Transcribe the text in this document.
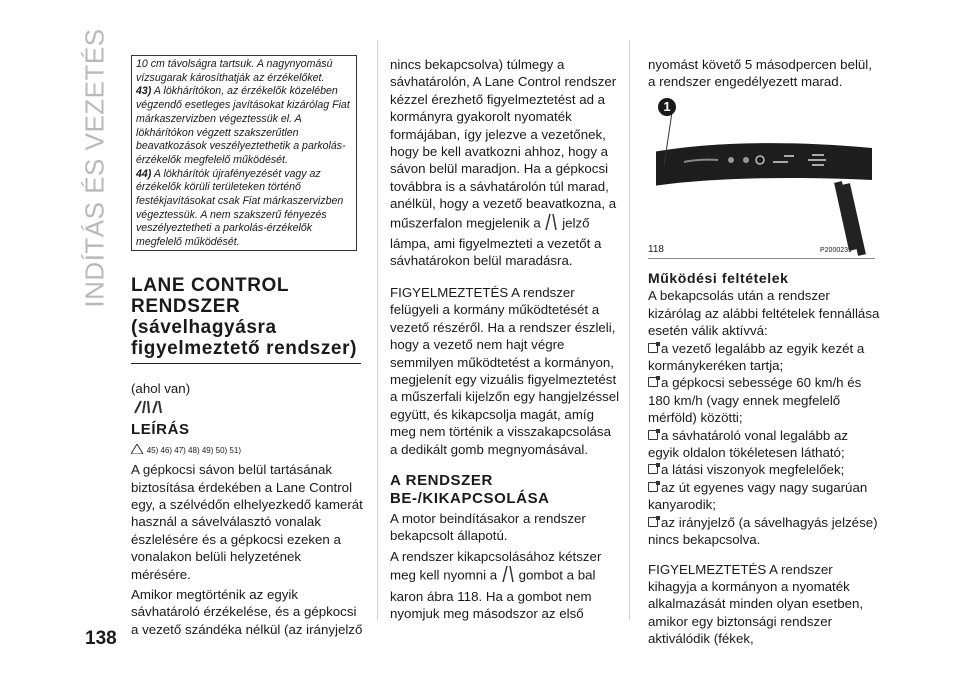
INDÍTÁS ÉS VEZETÉS
138

10 cm távolságra tartsuk. A nagynyomású vízsugarak károsíthatják az érzékelőket.

43) A lökhárítókon, az érzékelők közelében végzendő esetleges javításokat kizárólag Fiat márkaszervizben végeztessük el. A lökhárítókon végzett szakszerűtlen beavatkozások veszélyeztethetik a parkolás-érzékelők megfelelő működését.

44) A lökhárítók újrafényezését vagy az érzékelők körüli területeken történő festékjavításokat csak Fiat márkaszervizben végeztessük. A nem szakszerű fényezés veszélyeztetheti a parkolás-érzékelők megfelelő működését.

LANE CONTROL RENDSZER (sávelhagyásra figyelmeztető rendszer)

(ahol van)

LEÍRÁS

45) 46) 47) 48) 49) 50) 51)

A gépkocsi sávon belül tartásának biztosítása érdekében a Lane Control egy, a szélvédőn elhelyezkedő kamerát használ a sávelválasztó vonalak észlelésére és a gépkocsi ezeken a vonalakon belüli helyzetének mérésére.

Amikor megtörténik az egyik sávhatároló érzékelése, és a gépkocsi a vezető szándéka nélkül (az irányjelző

nincs bekapcsolva) túlmegy a sávhatárolón, A Lane Control rendszer kézzel érezhető figyelmeztetést ad a kormányra gyakorolt nyomaték formájában, így jelezve a vezetőnek, hogy be kell avatkozni ahhoz, hogy a sávon belül maradjon. Ha a gépkocsi továbbra is a sávhatárolón túl marad, anélkül, hogy a vezető beavatkozna, a műszerfalon megjelenik a jelző lámpa, ami figyelmezteti a vezetőt a sávhatárokon belül maradásra.

FIGYELMEZTETÉS A rendszer felügyeli a kormány működtetését a vezető részéről. Ha a rendszer észleli, hogy a vezető nem hajt végre semmilyen működtetést a kormányon, megjelenít egy vizuális figyelmeztetést a műszerfali kijelzőn egy hangjelzéssel együtt, és kikapcsolja magát, amíg meg nem történik a visszakapcsolása a dedikált gomb megnyomásával.

A RENDSZER BE-/KIKAPCSOLÁSA

A motor beindításakor a rendszer bekapcsolt állapotú.

A rendszer kikapcsolásához kétszer meg kell nyomni a gombot a bal karon ábra 118. Ha a gombot nem nyomjuk meg másodszor az első

nyomást követő 5 másodpercen belül, a rendszer engedélyezett marad.

1
118	P2000239

Működési feltételek

A bekapcsolás után a rendszer kizárólag az alábbi feltételek fennállása esetén válik aktívvá:

a vezető legalább az egyik kezét a kormánykeréken tartja;

a gépkocsi sebessége 60 km/h és 180 km/h (vagy ennek megfelelő mérföld) közötti;

a sávhatároló vonal legalább az egyik oldalon tökéletesen látható;

a látási viszonyok megfelelőek;

az út egyenes vagy nagy sugarúan kanyarodik;

az irányjelző (a sávelhagyás jelzése) nincs bekapcsolva.

FIGYELMEZTETÉS A rendszer kihagyja a kormányon a nyomaték alkalmazását minden olyan esetben, amikor egy biztonsági rendszer aktiválódik (fékek,
